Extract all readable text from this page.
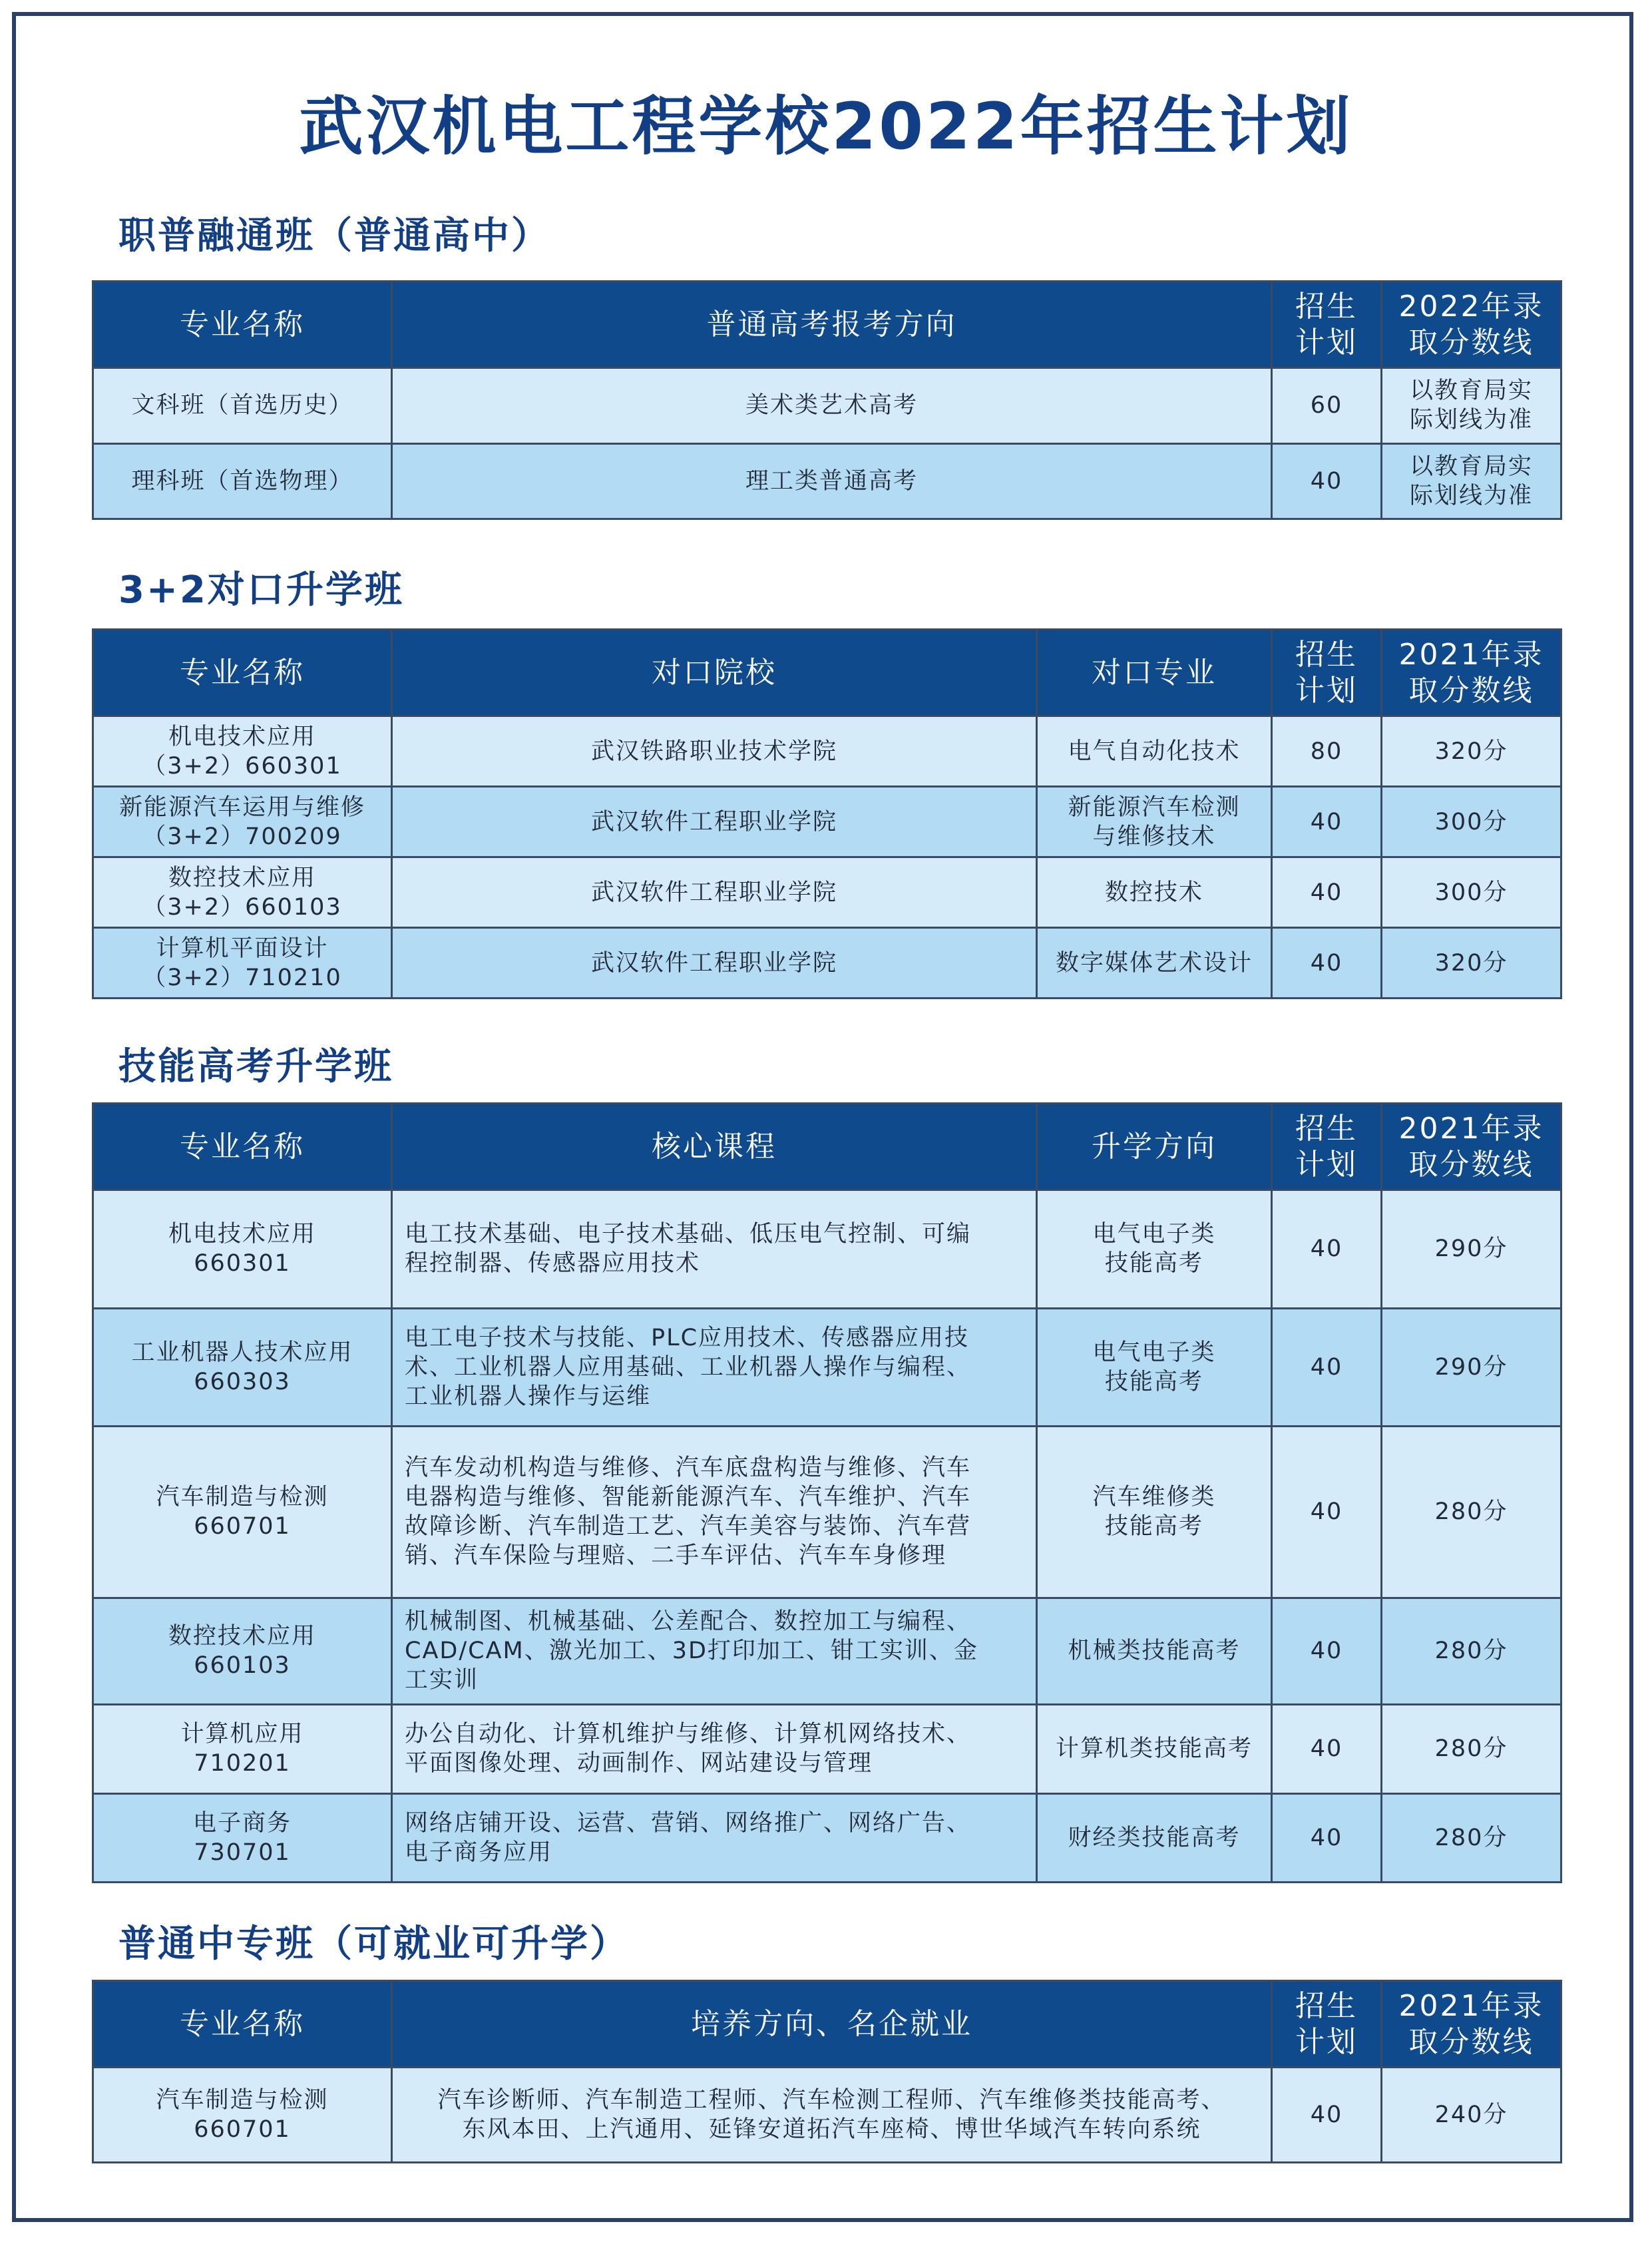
武汉机电工程学校2022年招生计划
职普融通班（普通高中）
专业名称	普通高考报考方向	招生
计划	2022年录
取分数线

文科班（首选历史）	美术类艺术高考	60	以教育局实
际划线为准

理科班（首选物理）	理工类普通高考	40	以教育局实
际划线为准
3+2对口升学班
专业名称	对口院校	对口专业	招生
计划	2021年录
取分数线

机电技术应用
（3+2）660301	武汉铁路职业技术学院	电气自动化技术	80	320分

新能源汽车运用与维修
（3+2）700209	武汉软件工程职业学院	新能源汽车检测
与维修技术	40	300分

数控技术应用
（3+2）660103	武汉软件工程职业学院	数控技术	40	300分

计算机平面设计
（3+2）710210	武汉软件工程职业学院	数字媒体艺术设计	40	320分
技能高考升学班
专业名称	核心课程	升学方向	招生
计划	2021年录
取分数线

机电技术应用
660301	电工技术基础、电子技术基础、低压电气控制、可编
程控制器、传感器应用技术	电气电子类
技能高考	40	290分

工业机器人技术应用
660303	电工电子技术与技能、PLC应用技术、传感器应用技
术、工业机器人应用基础、工业机器人操作与编程、
工业机器人操作与运维	电气电子类
技能高考	40	290分

汽车制造与检测
660701	汽车发动机构造与维修、汽车底盘构造与维修、汽车
电器构造与维修、智能新能源汽车、汽车维护、汽车
故障诊断、汽车制造工艺、汽车美容与装饰、汽车营
销、汽车保险与理赔、二手车评估、汽车车身修理	汽车维修类
技能高考	40	280分

数控技术应用
660103	机械制图、机械基础、公差配合、数控加工与编程、
CAD/CAM、激光加工、3D打印加工、钳工实训、金
工实训	机械类技能高考	40	280分

计算机应用
710201	办公自动化、计算机维护与维修、计算机网络技术、
平面图像处理、动画制作、网站建设与管理	计算机类技能高考	40	280分

电子商务
730701	网络店铺开设、运营、营销、网络推广、网络广告、
电子商务应用	财经类技能高考	40	280分
普通中专班（可就业可升学）
专业名称	培养方向、名企就业	招生
计划	2021年录
取分数线

汽车制造与检测
660701	汽车诊断师、汽车制造工程师、汽车检测工程师、汽车维修类技能高考、
东风本田、上汽通用、延锋安道拓汽车座椅、博世华域汽车转向系统	40	240分
